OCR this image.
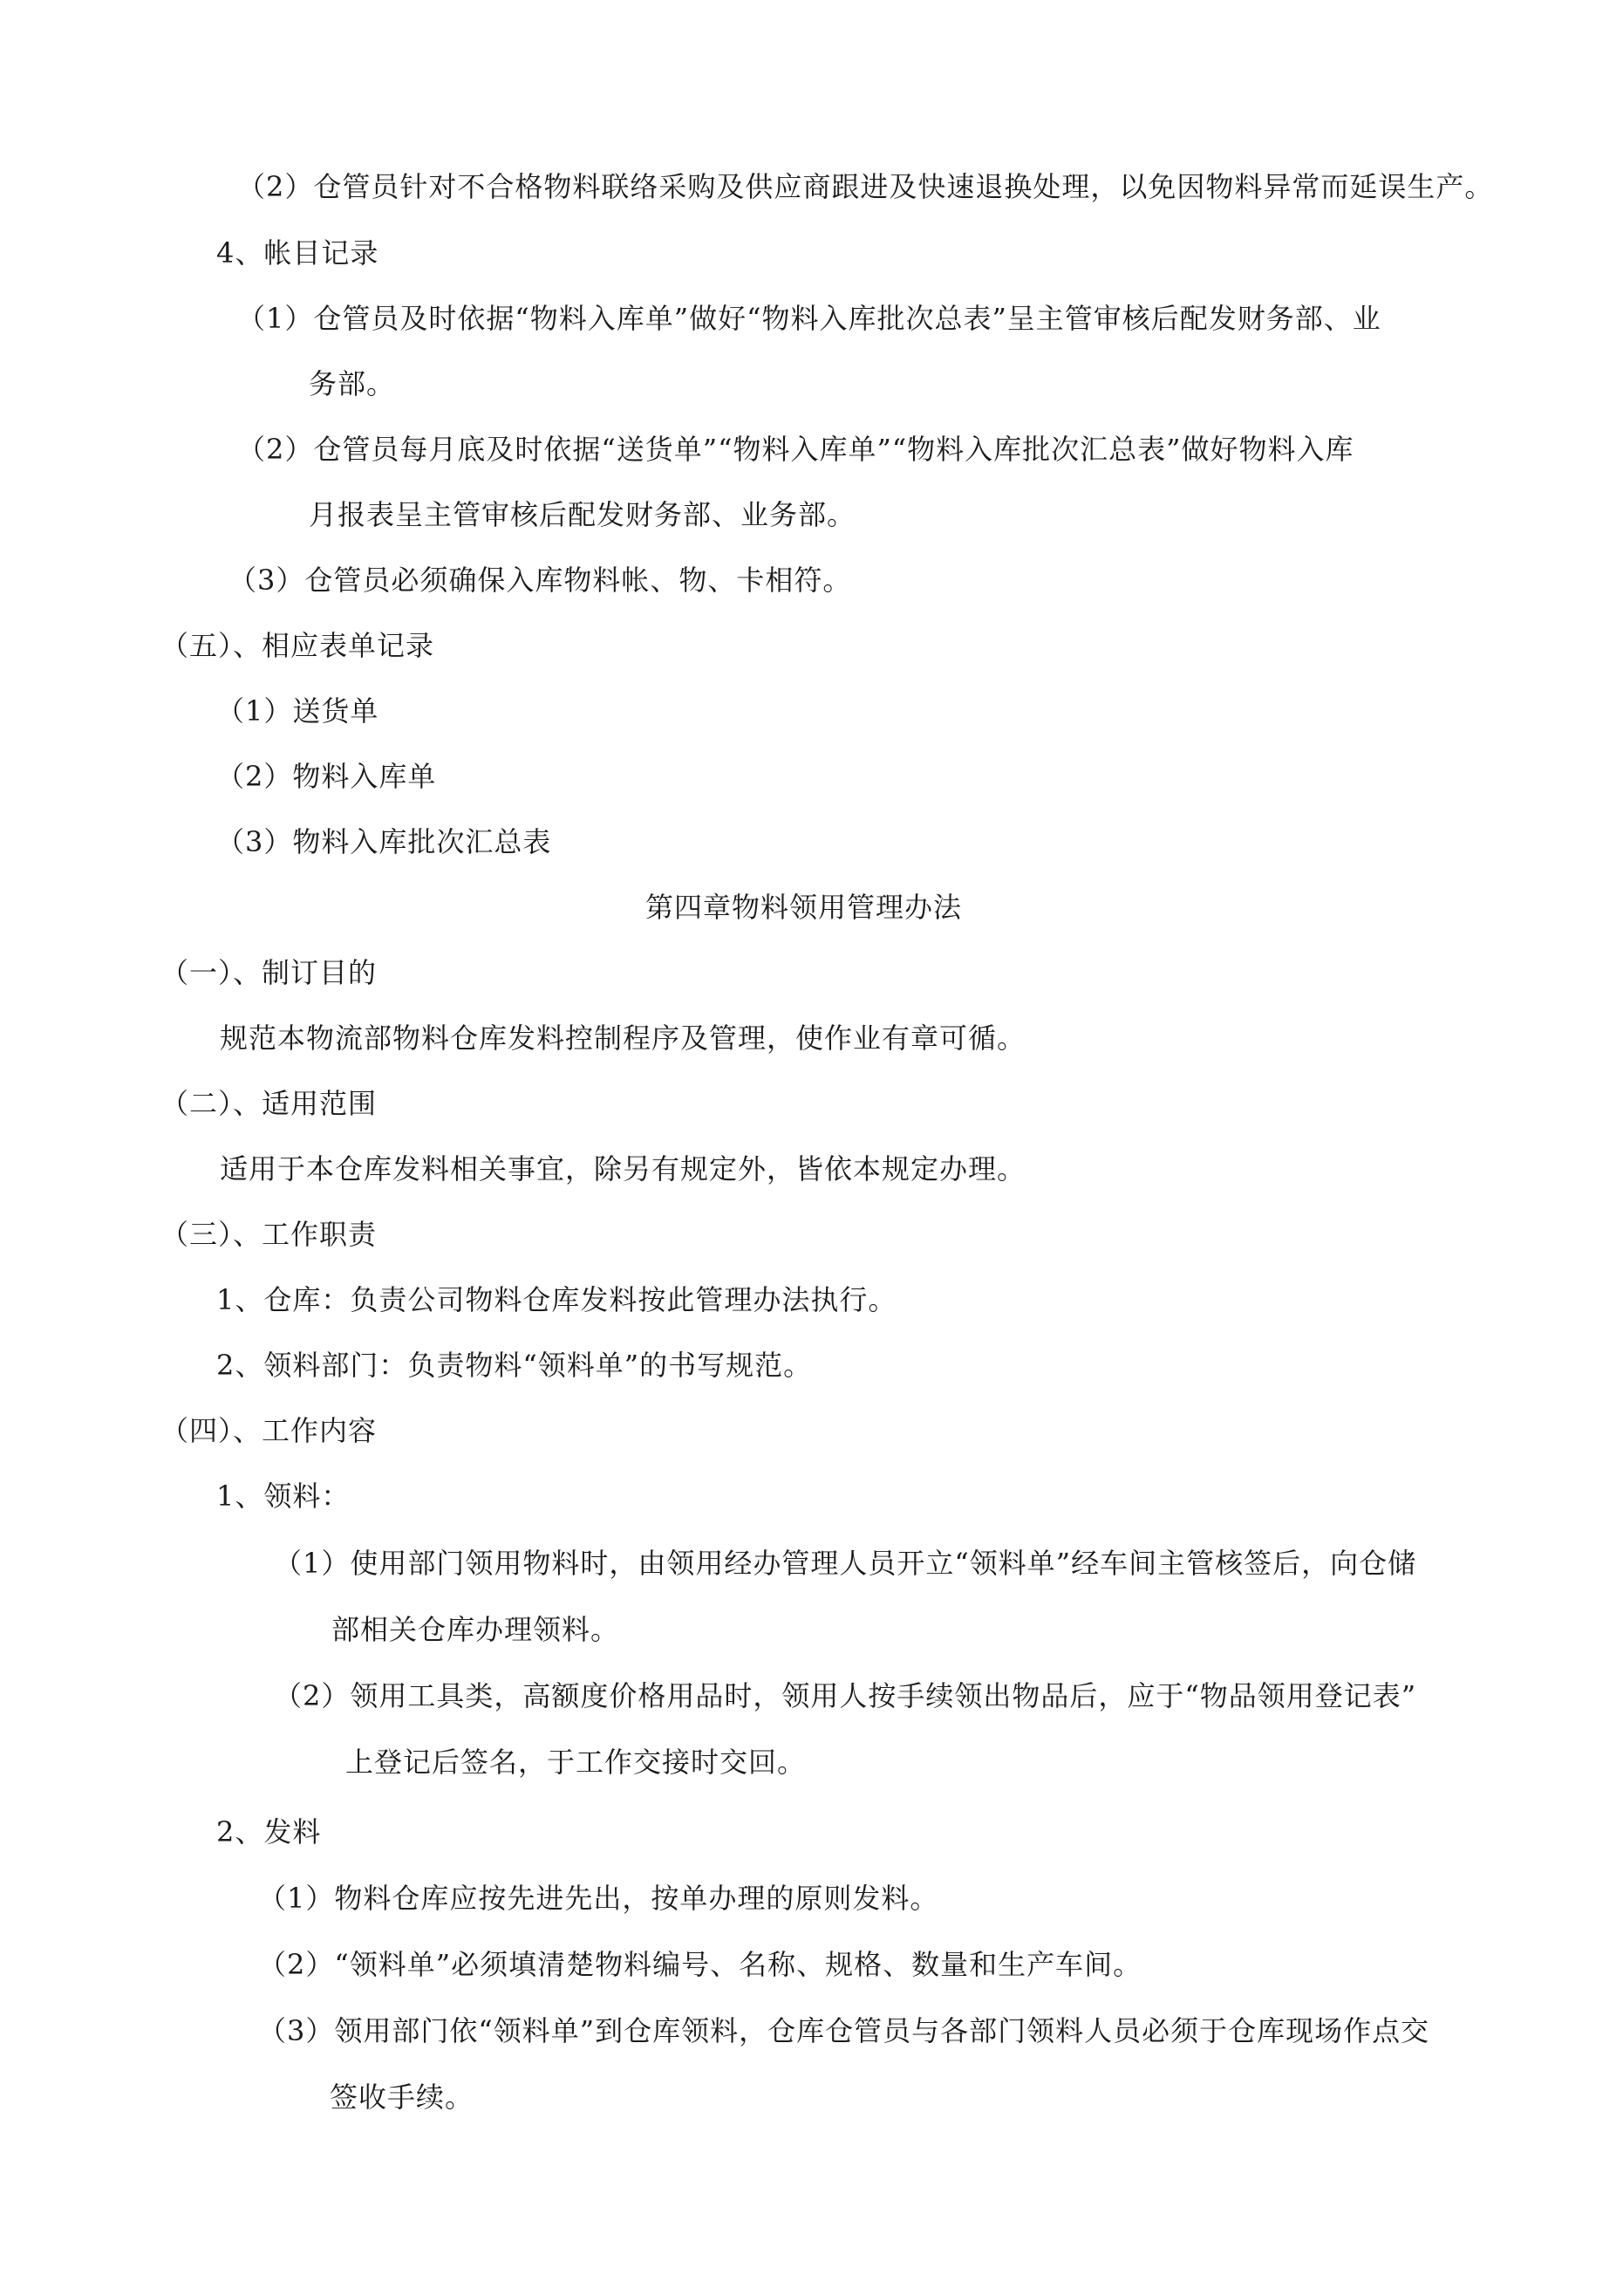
（2）仓管员针对不合格物料联络采购及供应商跟进及快速退换处理，以免因物料异常而延误生产。
4、帐目记录
（1）仓管员及时依据“物料入库单”做好“物料入库批次总表”呈主管审核后配发财务部、业
务部。
（2）仓管员每月底及时依据“送货单”“物料入库单”“物料入库批次汇总表”做好物料入库
月报表呈主管审核后配发财务部、业务部。
（3）仓管员必须确保入库物料帐、物、卡相符。
（五）、相应表单记录
（1）送货单
（2）物料入库单
（3）物料入库批次汇总表
第四章物料领用管理办法
（一）、制订目的
规范本物流部物料仓库发料控制程序及管理，使作业有章可循。
（二）、适用范围
适用于本仓库发料相关事宜，除另有规定外，皆依本规定办理。
（三）、工作职责
1、仓库：负责公司物料仓库发料按此管理办法执行。
2、领料部门：负责物料“领料单”的书写规范。
（四）、工作内容
1、领料：
（1）使用部门领用物料时，由领用经办管理人员开立“领料单”经车间主管核签后，向仓储
部相关仓库办理领料。
（2）领用工具类，高额度价格用品时，领用人按手续领出物品后，应于“物品领用登记表”
上登记后签名，于工作交接时交回。
2、发料
（1）物料仓库应按先进先出，按单办理的原则发料。
（2）“领料单”必须填清楚物料编号、名称、规格、数量和生产车间。
（3）领用部门依“领料单”到仓库领料，仓库仓管员与各部门领料人员必须于仓库现场作点交
签收手续。
